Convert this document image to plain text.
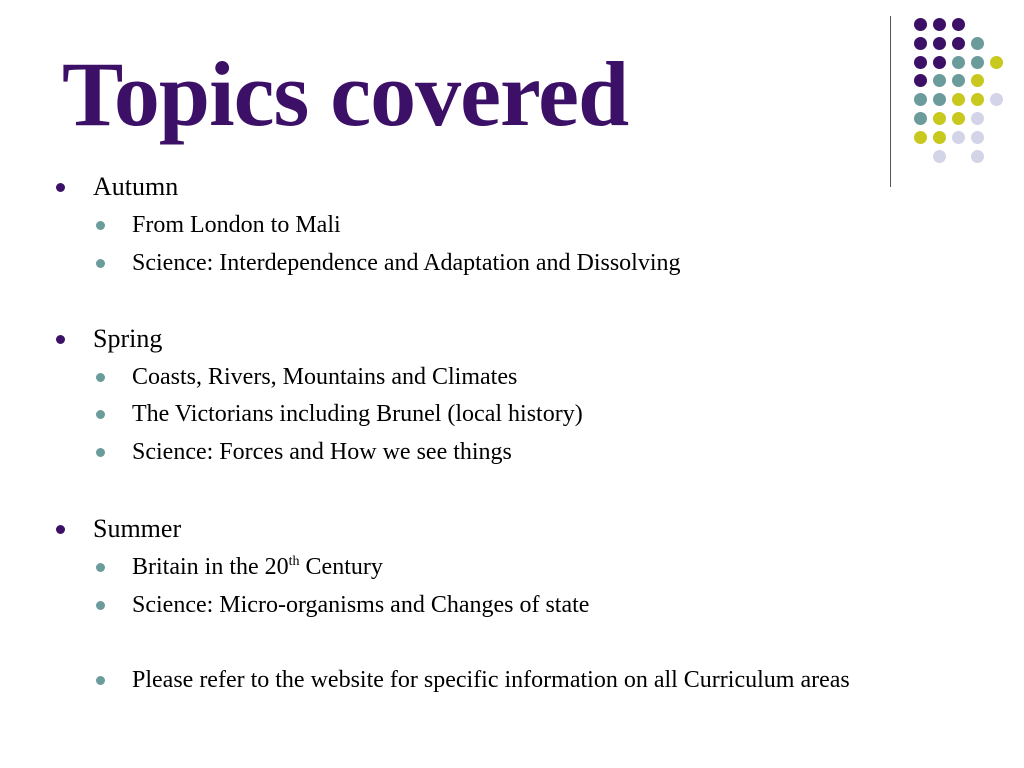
Topics covered
Autumn
From London to Mali
Science: Interdependence and Adaptation and Dissolving
Spring
Coasts, Rivers, Mountains and Climates
The Victorians including Brunel (local history)
Science: Forces and How we see things
Summer
Britain in the 20th Century
Science: Micro-organisms and Changes of state
Please refer to the website for specific information on all Curriculum areas
